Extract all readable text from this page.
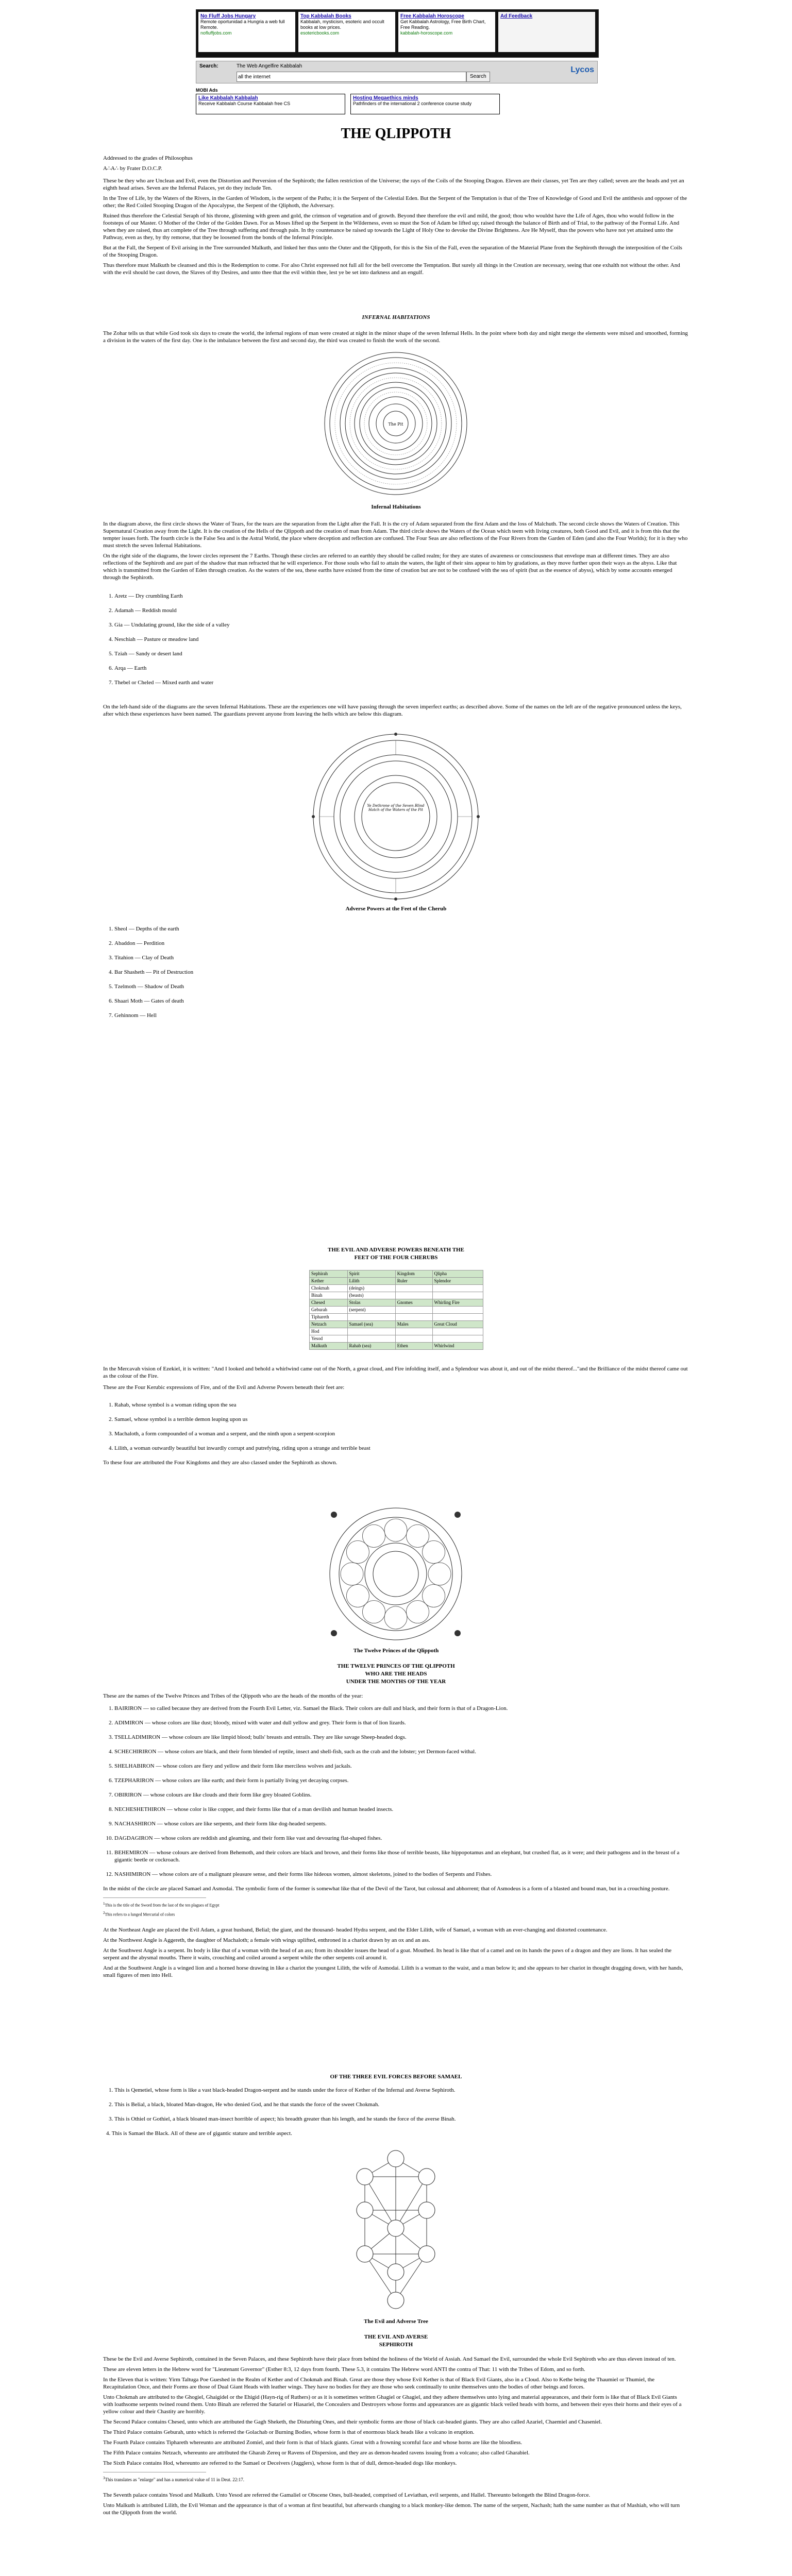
No Fluff Jobs Hungary
Remote oportunidad a Hungria a web full Remote.
nofluffjobs.com
Top Kabbalah Books
Kabbalah, mysticism, esoteric and occult books at low prices.
esotericbooks.com
Free Kabbalah Horoscope
Get Kabbalah Astrology, Free Birth Chart, Free Reading.
kabbalah-horoscope.com
Ad Feedback
Search:	The Web Angelfire Kabbalah
all the internet
Search
Lycos
MOBI Ads
Like Kabbalah Kabbalah
Receive Kabbalah Course Kabbalah free CS
Hosting Megaethics minds
Pathfinders of the international 2 conference course study
THE QLIPPOTH

Addressed to the grades of Philosophus

A∴A∴ by Frater D.O.C.P.

These be they who are Unclean and Evil, even the Distortion and Perversion of the Sephiroth; the fallen restriction of the Universe; the rays of the Coils of the Stooping Dragon. Eleven are their classes, yet Ten are they called; seven are the heads and yet an eighth head arises. Seven are the Infernal Palaces, yet do they include Ten.

In the Tree of Life, by the Waters of the Rivers, in the Garden of Wisdom, is the serpent of the Paths; it is the Serpent of the Celestial Eden. But the Serpent of the Temptation is that of the Tree of Knowledge of Good and Evil the antithesis and opposer of the other; the Red Coiled Stooping Dragon of the Apocalypse, the Serpent of the Qliphoth, the Adversary.

Ruined thus therefore the Celestial Seraph of his throne, glistening with green and gold, the crimson of vegetation and of growth. Beyond thee therefore the evil and mild, the good; thou who wouldst have the Life of Ages, thou who would follow in the footsteps of our Master. O Mother of the Order of the Golden Dawn. For as Moses lifted up the Serpent in the Wilderness, even so must the Son of Adam be lifted up; raised through the balance of Birth and of Trial, to the pathway of the Formal Life. And when they are raised, thus art complete of the Tree through suffering and through pain. In thy countenance be raised up towards the Light of Holy One to devoke the Divine Brightness. Are He Myself, thus the powers who have not yet attained unto the Pathway, even as they, by thy remorse, that they be loosened from the bonds of the Infernal Principle.

But at the Fall, the Serpent of Evil arising in the Tree surrounded Malkuth, and linked her thus unto the Outer and the Qlippoth, for this is the Sin of the Fall, even the separation of the Material Plane from the Sephiroth through the interposition of the Coils of the Stooping Dragon.

Thus therefore must Malkuth be cleansed and this is the Redemption to come. For also Christ expressed not full all for the bell overcome the Temptation. But surely all things in the Creation are necessary, seeing that one exhalth not without the other. And with the evil should be cast down, the Slaves of thy Desires, and unto thee that the evil within thee, lest ye be set into darkness and an engulf.

INFERNAL HABITATIONS

The Zohar tells us that while God took six days to create the world, the infernal regions of man were created at night in the minor shape of the seven Infernal Hells. In the point where both day and night merge the elements were mixed and smoothed, forming a division in the waters of the first day. One is the imbalance between the first and second day, the third was created to finish the work of the second.

The Pit
Infernal Habitations

In the diagram above, the first circle shows the Water of Tears, for the tears are the separation from the Light after the Fall. It is the cry of Adam separated from the first Adam and the loss of Malchuth. The second circle shows the Waters of Creation. This Supernatural Creation away from the Light. It is the creation of the Hells of the Qlippoth and the creation of man from Adam. The third circle shows the Waters of the Ocean which teem with living creatures, both Good and Evil, and it is from this that the tempter issues forth. The fourth circle is the False Sea and is the Astral World, the place where deception and reflection are confused. The Four Seas are also reflections of the Four Rivers from the Garden of Eden (and also the Four Worlds); for it is they who must stretch the seven Infernal Habitations.

On the right side of the diagrams, the lower circles represent the 7 Earths. Though these circles are referred to an earthly they should be called realm; for they are states of awareness or consciousness that envelope man at different times. They are also reflections of the Sephiroth and are part of the shadow that man refracted that he will experience. For those souls who fail to attain the waters, the light of their sins appear to him by gradations, as they move further upon their ways as the abyss. Like that which is transmitted from the Garden of Eden through creation. As the waters of the sea, these earths have existed from the time of creation but are not to be confused with the sea of spirit (but as the essence of abyss), which by some accounts emerged through the Sephiroth.

1. Aretz — Dry crumbling Earth
2. Adamah — Reddish mould
3. Gia — Undulating ground, like the side of a valley
4. Neschiah — Pasture or meadow land
5. Tziah — Sandy or desert land
6. Arqa — Earth
7. Thebel or Cheled — Mixed earth and water

On the left-hand side of the diagrams are the seven Infernal Habitations. These are the experiences one will have passing through the seven imperfect earths; as described above. Some of the names on the left are of the negative pronounced unless the keys, after which these experiences have been named. The guardians prevent anyone from leaving the hells which are below this diagram.

Ye Dethrone of the Seven Blind Hatch of the Waters of the Pit
Adverse Powers at the Feet of the Cherub
1. Sheol — Depths of the earth
2. Abaddon — Perdition
3. Titahion — Clay of Death
4. Bar Shasheth — Pit of Destruction
5. Tzelmoth — Shadow of Death
6. Shaari Moth — Gates of death
7. Gehinnom — Hell
THE EVIL AND ADVERSE POWERS BENEATH THE
FEET OF THE FOUR CHERUBS
Sephirah	Spirit	Kingdom	Qlipha
Kether	Lilith	Ruler	Splendor
Chokmah	(deings)		
Binah	(beasts)		
Chesed	Stolas	Gnomes	Whirling Fire
Geburah	(serpent)		
Tiphareth			
Netzach	Samael (sea)	Males	Great Cloud
Hod			
Yesod			
Malkuth	Rahab (sea)	Ethen	Whirlwind

In the Mercavah vision of Ezekiel, it is written: "And I looked and behold a whirlwind came out of the North, a great cloud, and Fire infolding itself, and a Splendour was about it, and out of the midst thereof..."and the Brilliance of the midst thereof came out as the colour of the Fire.

These are the Four Kerubic expressions of Fire, and of the Evil and Adverse Powers beneath their feet are:

1. Rahab, whose symbol is a woman riding upon the sea
2. Samael, whose symbol is a terrible demon leaping upon us
3. Machaloth, a form compounded of a woman and a serpent, and the ninth upon a serpent-scorpion
4. Lilith, a woman outwardly beautiful but inwardly corrupt and putrefying, riding upon a strange and terrible beast

To these four are attributed the Four Kingdoms and they are also classed under the Sephiroth as shown.

The Twelve Princes of the Qlippoth
THE TWELVE PRINCES OF THE QLIPPOTH
WHO ARE THE HEADS
UNDER THE MONTHS OF THE YEAR

These are the names of the Twelve Princes and Tribes of the Qlippoth who are the heads of the months of the year:

1. BAIRIRON — so called because they are derived from the Fourth Evil Letter, viz. Samael the Black. Their colors are dull and black, and their form is that of a Dragon-Lion.
2. ADIMIRON — whose colors are like dust; bloody, mixed with water and dull yellow and grey. Their form is that of lion lizards.
3. TSELLADIMIRON — whose colours are like limpid blood; bulls' breasts and entrails. They are like savage Sheep-headed dogs.
4. SCHECHIRIRON — whose colors are black, and their form blended of reptile, insect and shell-fish, such as the crab and the lobster; yet Dermon-faced withal.
5. SHELHABIRON — whose colors are fiery and yellow and their form like merciless wolves and jackals.
6. TZEPHARIRON — whose colors are like earth; and their form is partially living yet decaying corpses.
7. OBIRIRON — whose colours are like clouds and their form like grey bloated Goblins.
8. NECHESHETHIRON — whose color is like copper, and their forms like that of a man devilish and human headed insects.
9. NACHASHIRON — whose colors are like serpents, and their form like dog-headed serpents.
10. DAGDAGIRON — whose colors are reddish and gleaming, and their form like vast and devouring flat-shaped fishes.
11. BEHEMIRON — whose colours are derived from Behemoth, and their colors are black and brown, and their forms like those of terrible beasts, like hippopotamus and an elephant, but crushed flat, as it were; and their pathogens and in the breast of a gigantic beetle or cockroach.
12. NASHIMIRON — whose colors are of a malignant pleasure sense, and their forms like hideous women, almost skeletons, joined to the bodies of Serpents and Fishes.

In the midst of the circle are placed Samael and Asmodai. The symbolic form of the former is somewhat like that of the Devil of the Tarot, but colossal and abhorrent; that of Asmodeus is a form of a blasted and bound man, but in a crouching posture.

$^1$This is the title of the Sword from the last of the ten plagues of Egypt
$^2$This refers to a lunged Mercurial of colors

At the Northeast Angle are placed the Evil Adam, a great husband, Belial; the giant, and the thousand- headed Hydra serpent, and the Elder Lilith, wife of Samael, a woman with an ever-changing and distorted countenance.

At the Northwest Angle is Aggereth, the daughter of Machaloth; a female with wings uplifted, enthroned in a chariot drawn by an ox and an ass.

At the Southwest Angle is a serpent. Its body is like that of a woman with the head of an ass; from its shoulder issues the head of a goat. Mouthed. Its head is like that of a camel and on its hands the paws of a dragon and they are lions. It has sealed the serpent and the abysmal mouths. There it waits, crouching and coiled around a serpent while the other serpents coil around it.

And at the Southwest Angle is a winged lion and a horned horse drawing in like a chariot the youngest Lilith, the wife of Asmodai. Lilith is a woman to the waist, and a man below it; and she appears to her chariot in thought dragging down, with her hands, small figures of men into Hell.

OF THE THREE EVIL FORCES BEFORE SAMAEL
1. This is Qemetiel, whose form is like a vast black-headed Dragon-serpent and he stands under the force of Kether of the Infernal and Averse Sephiroth.
2. This is Belial, a black, bloated Man-dragon, He who denied God, and he that stands the force of the sweet Chokmah.
3. This is Othiel or Gothiel, a black bloated man-insect horrible of aspect; his breadth greater than his length, and he stands the force of the averse Binah.

4. This is Samael the Black. All of these are of gigantic stature and terrible aspect.

The Evil and Adverse Tree
THE EVIL AND AVERSE
SEPHIROTH

These be the Evil and Averse Sephiroth, contained in the Seven Palaces, and these Sephiroth have their place from behind the holiness of the World of Assiah. And Samael the Evil, surrounded the whole Evil Sephiroth who are thus eleven instead of ten.

These are eleven letters in the Hebrew word for "Lieutenant Governor" (Esther 8:3, 12 days from fourth. These 5.3, it contains The Hebrew word ANTI the contra of That: 11 with the Tribes of Edom, and so forth.

In the Eleven that is written: Yirm Taltuga Poe Gueshed in the Realm of Kether and of Chokmah and Binah. Great are those they whose Evil Kether is that of Black Evil Giants, also in a Cloud. Also to Kethe being the Thaumiel or Thumiel, the Recapitulation Once, and their Forms are those of Dual Giant Heads with leather wings. They have no bodies for they are those who seek continually to unite themselves unto the bodies of other beings and forces.

Unto Chokmah are attributed to the Ghogiel, Ghaigidel or the Ehigid (Hayn-rig of Ruthers) or as it is sometimes written Ghagiel or Ghagiel, and they adhere themselves unto lying and material appearances, and their form is like that of Black Evil Giants with loathsome serpents twined round them. Unto Binah are referred the Satariel or Hiasariel, the Concealers and Destroyers whose forms and appearances are as gigantic black veiled heads with horns, and between their eyes their horns and their eyes of a yellow colour and their Chastity are horribly.

The Second Palace contains Chesed, unto which are attributed the Gagh Sheketh, the Disturbing Ones, and their symbolic forms are those of black cat-headed giants. They are also called Azariel, Chaemiel and Chaseniel.

The Third Palace contains Geburah, unto which is referred the Golachab or Burning Bodies, whose form is that of enormous black heads like a volcano in eruption.

The Fourth Palace contains Tiphareth whereunto are attributed Zomiel, and their form is that of black giants. Great with a frowning scornful face and whose horns are like the bloodless.

The Fifth Palace contains Netzach, whereunto are attributed the Gharab Zereq or Ravens of Dispersion, and they are as demon-headed ravens issuing from a volcano; also called Gharabiel.

The Sixth Palace contains Hod, whereunto are referred to the Samael or Deceivers (Jugglers), whose form is that of dull, demon-headed dogs like monkeys.

$^3$This translates as "enlarge" and has a numerical value of 11 in Deut. 22:17.

The Seventh palace contains Yesod and Malkuth. Unto Yesod are referred the Gamaliel or Obscene Ones, bull-headed, comprised of Leviathan, evil serpents, and Hallel. Thereunto belongeth the Blind Dragon-force.

Unto Malkuth is attributed Lilith, the Evil Woman and the appearance is that of a woman at first beautiful, but afterwards changing to a black monkey-like demon. The name of the serpent, Nachash; hath the same number as that of Mashiah, who will turn out the Qlippoth from the world.
